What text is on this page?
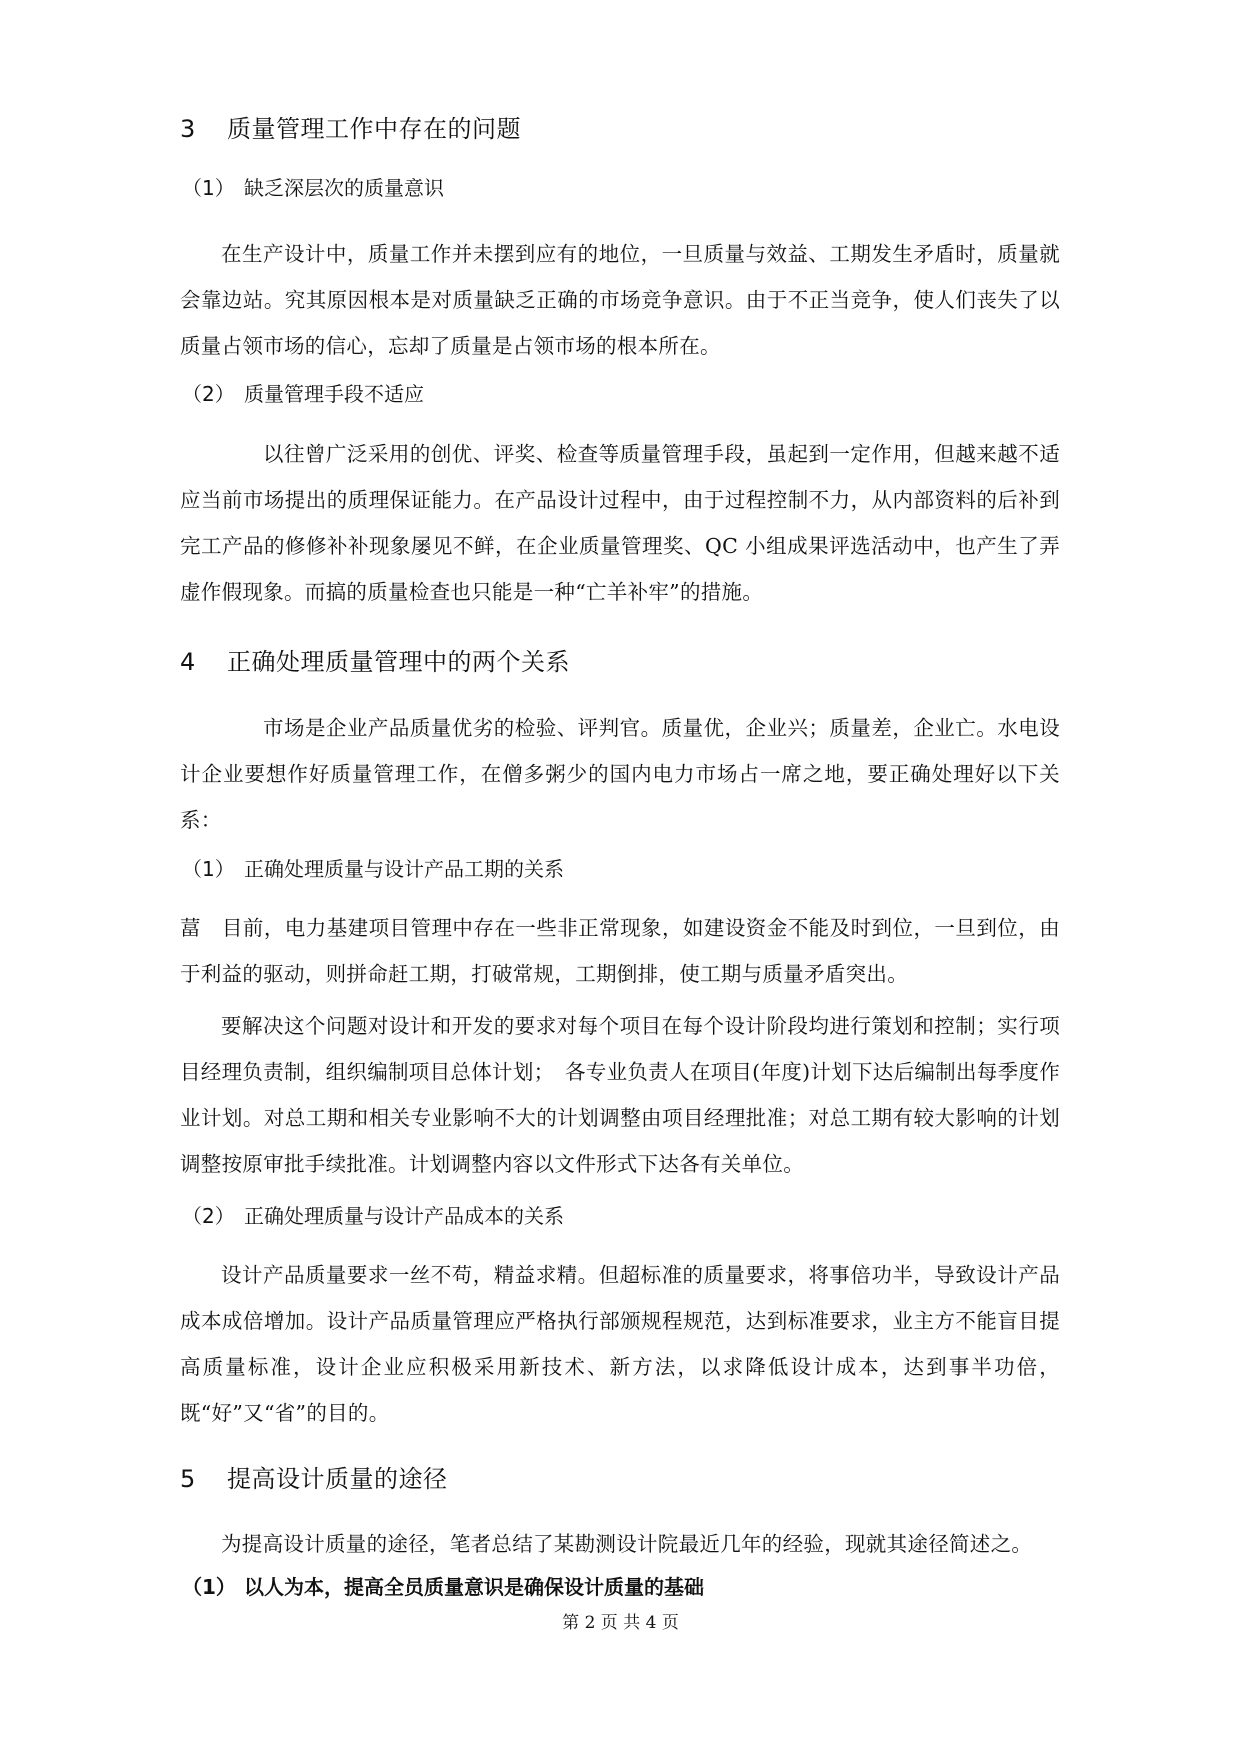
3 质量管理工作中存在的问题
（1） 缺乏深层次的质量意识
在生产设计中，质量工作并未摆到应有的地位，一旦质量与效益、工期发生矛盾时，质量就会靠边站。究其原因根本是对质量缺乏正确的市场竞争意识。由于不正当竞争，使人们丧失了以质量占领市场的信心，忘却了质量是占领市场的根本所在。
（2） 质量管理手段不适应
以往曾广泛采用的创优、评奖、检查等质量管理手段，虽起到一定作用，但越来越不适应当前市场提出的质理保证能力。在产品设计过程中，由于过程控制不力，从内部资料的后补到完工产品的修修补补现象屡见不鲜，在企业质量管理奖、QC 小组成果评选活动中，也产生了弄虚作假现象。而搞的质量检查也只能是一种“亡羊补牢”的措施。
4 正确处理质量管理中的两个关系
市场是企业产品质量优劣的检验、评判官。质量优，企业兴；质量差，企业亡。水电设计企业要想作好质量管理工作，在僧多粥少的国内电力市场占一席之地，要正确处理好以下关系：
（1） 正确处理质量与设计产品工期的关系
葍　目前，电力基建项目管理中存在一些非正常现象，如建设资金不能及时到位，一旦到位，由于利益的驱动，则拼命赶工期，打破常规，工期倒排，使工期与质量矛盾突出。
要解决这个问题对设计和开发的要求对每个项目在每个设计阶段均进行策划和控制；实行项目经理负责制，组织编制项目总体计划；　各专业负责人在项目(年度)计划下达后编制出每季度作业计划。对总工期和相关专业影响不大的计划调整由项目经理批准；对总工期有较大影响的计划调整按原审批手续批准。计划调整内容以文件形式下达各有关单位。
（2） 正确处理质量与设计产品成本的关系
设计产品质量要求一丝不苟，精益求精。但超标准的质量要求，将事倍功半，导致设计产品成本成倍增加。设计产品质量管理应严格执行部颁规程规范，达到标准要求，业主方不能盲目提高质量标准，设计企业应积极采用新技术、新方法，以求降低设计成本，达到事半功倍，既“好”又“省”的目的。
5 提高设计质量的途径
为提高设计质量的途径，笔者总结了某勘测设计院最近几年的经验，现就其途径简述之。
（1） 以人为本，提高全员质量意识是确保设计质量的基础
第 2 页 共 4 页
